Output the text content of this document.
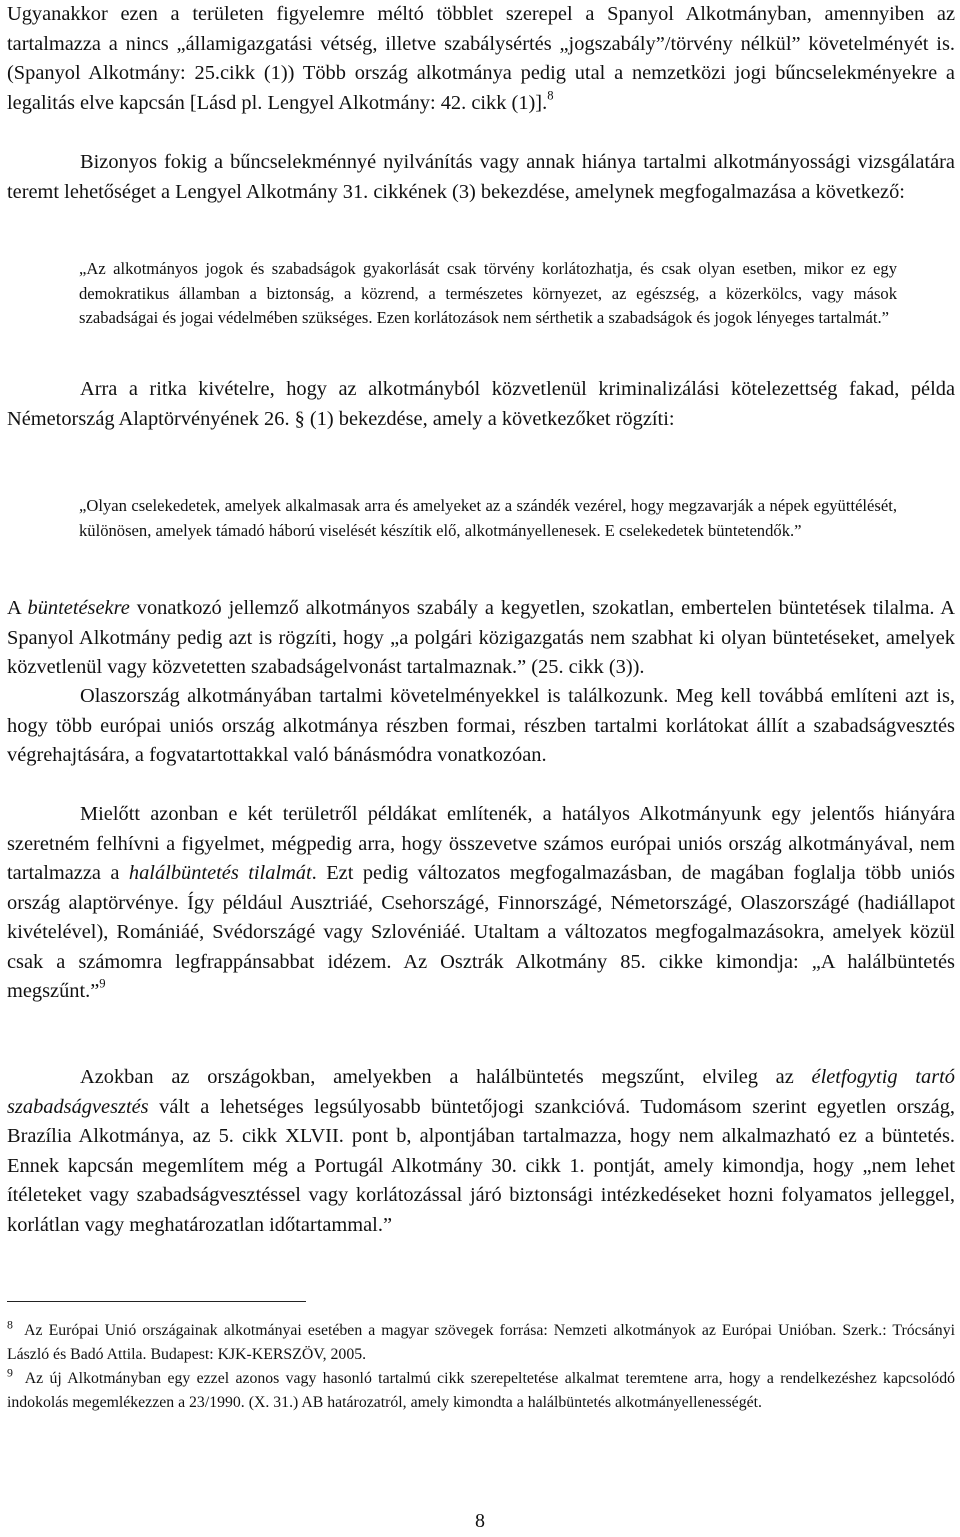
Ugyanakkor ezen a területen figyelemre méltó többlet szerepel a Spanyol Alkotmányban, amennyiben az tartalmazza a nincs „államigazgatási vétség, illetve szabálysértés „jogszabály”/törvény nélkül” követelményét is. (Spanyol Alkotmány: 25.cikk (1)) Több ország alkotmánya pedig utal a nemzetközi jogi bűncselekményekre a legalitás elve kapcsán [Lásd pl. Lengyel Alkotmány: 42. cikk (1)].$^8$

Bizonyos fokig a bűncselekménnyé nyilvánítás vagy annak hiánya tartalmi alkotmányossági vizsgálatára teremt lehetőséget a Lengyel Alkotmány 31. cikkének (3) bekezdése, amelynek megfogalmazása a következő:

„Az alkotmányos jogok és szabadságok gyakorlását csak törvény korlátozhatja, és csak olyan esetben, mikor ez egy demokratikus államban a biztonság, a közrend, a természetes környezet, az egészség, a közerkölcs, vagy mások szabadságai és jogai védelmében szükséges. Ezen korlátozások nem sérthetik a szabadságok és jogok lényeges tartalmát.”

Arra a ritka kivételre, hogy az alkotmányból közvetlenül kriminalizálási kötelezettség fakad, példa Németország Alaptörvényének 26. § (1) bekezdése, amely a következőket rögzíti:

„Olyan cselekedetek, amelyek alkalmasak arra és amelyeket az a szándék vezérel, hogy megzavarják a népek együttélését, különösen, amelyek támadó háború viselését készítik elő, alkotmányellenesek. E cselekedetek büntetendők.”

A büntetésekre vonatkozó jellemző alkotmányos szabály a kegyetlen, szokatlan, embertelen büntetések tilalma. A Spanyol Alkotmány pedig azt is rögzíti, hogy „a polgári közigazgatás nem szabhat ki olyan büntetéseket, amelyek közvetlenül vagy közvetetten szabadságelvonást tartalmaznak.” (25. cikk (3)).

Olaszország alkotmányában tartalmi követelményekkel is találkozunk. Meg kell továbbá említeni azt is, hogy több európai uniós ország alkotmánya részben formai, részben tartalmi korlátokat állít a szabadságvesztés végrehajtására, a fogvatartottakkal való bánásmódra vonatkozóan.

Mielőtt azonban e két területről példákat említenék, a hatályos Alkotmányunk egy jelentős hiányára szeretném felhívni a figyelmet, mégpedig arra, hogy összevetve számos európai uniós ország alkotmányával, nem tartalmazza a halálbüntetés tilalmát. Ezt pedig változatos megfogalmazásban, de magában foglalja több uniós ország alaptörvénye. Így például Ausztriáé, Csehországé, Finnországé, Németországé, Olaszországé (hadiállapot kivételével), Romániáé, Svédországé vagy Szlovéniáé. Utaltam a változatos megfogalmazásokra, amelyek közül csak a számomra legfrappánsabbat idézem. Az Osztrák Alkotmány 85. cikke kimondja: „A halálbüntetés megszűnt.”$^9$

Azokban az országokban, amelyekben a halálbüntetés megszűnt, elvileg az életfogytig tartó szabadságvesztés vált a lehetséges legsúlyosabb büntetőjogi szankcióvá. Tudomásom szerint egyetlen ország, Brazília Alkotmánya, az 5. cikk XLVII. pont b, alpontjában tartalmazza, hogy nem alkalmazható ez a büntetés. Ennek kapcsán megemlítem még a Portugál Alkotmány 30. cikk 1. pontját, amely kimondja, hogy „nem lehet ítéleteket vagy szabadságvesztéssel vagy korlátozással járó biztonsági intézkedéseket hozni folyamatos jelleggel, korlátlan vagy meghatározatlan időtartammal.”

$^8$ Az Európai Unió országainak alkotmányai esetében a magyar szövegek forrása: Nemzeti alkotmányok az Európai Unióban. Szerk.: Trócsányi László és Badó Attila. Budapest: KJK-KERSZÖV, 2005.

$^9$ Az új Alkotmányban egy ezzel azonos vagy hasonló tartalmú cikk szerepeltetése alkalmat teremtene arra, hogy a rendelkezéshez kapcsolódó indokolás megemlékezzen a 23/1990. (X. 31.) AB határozatról, amely kimondta a halálbüntetés alkotmányellenességét.

8
